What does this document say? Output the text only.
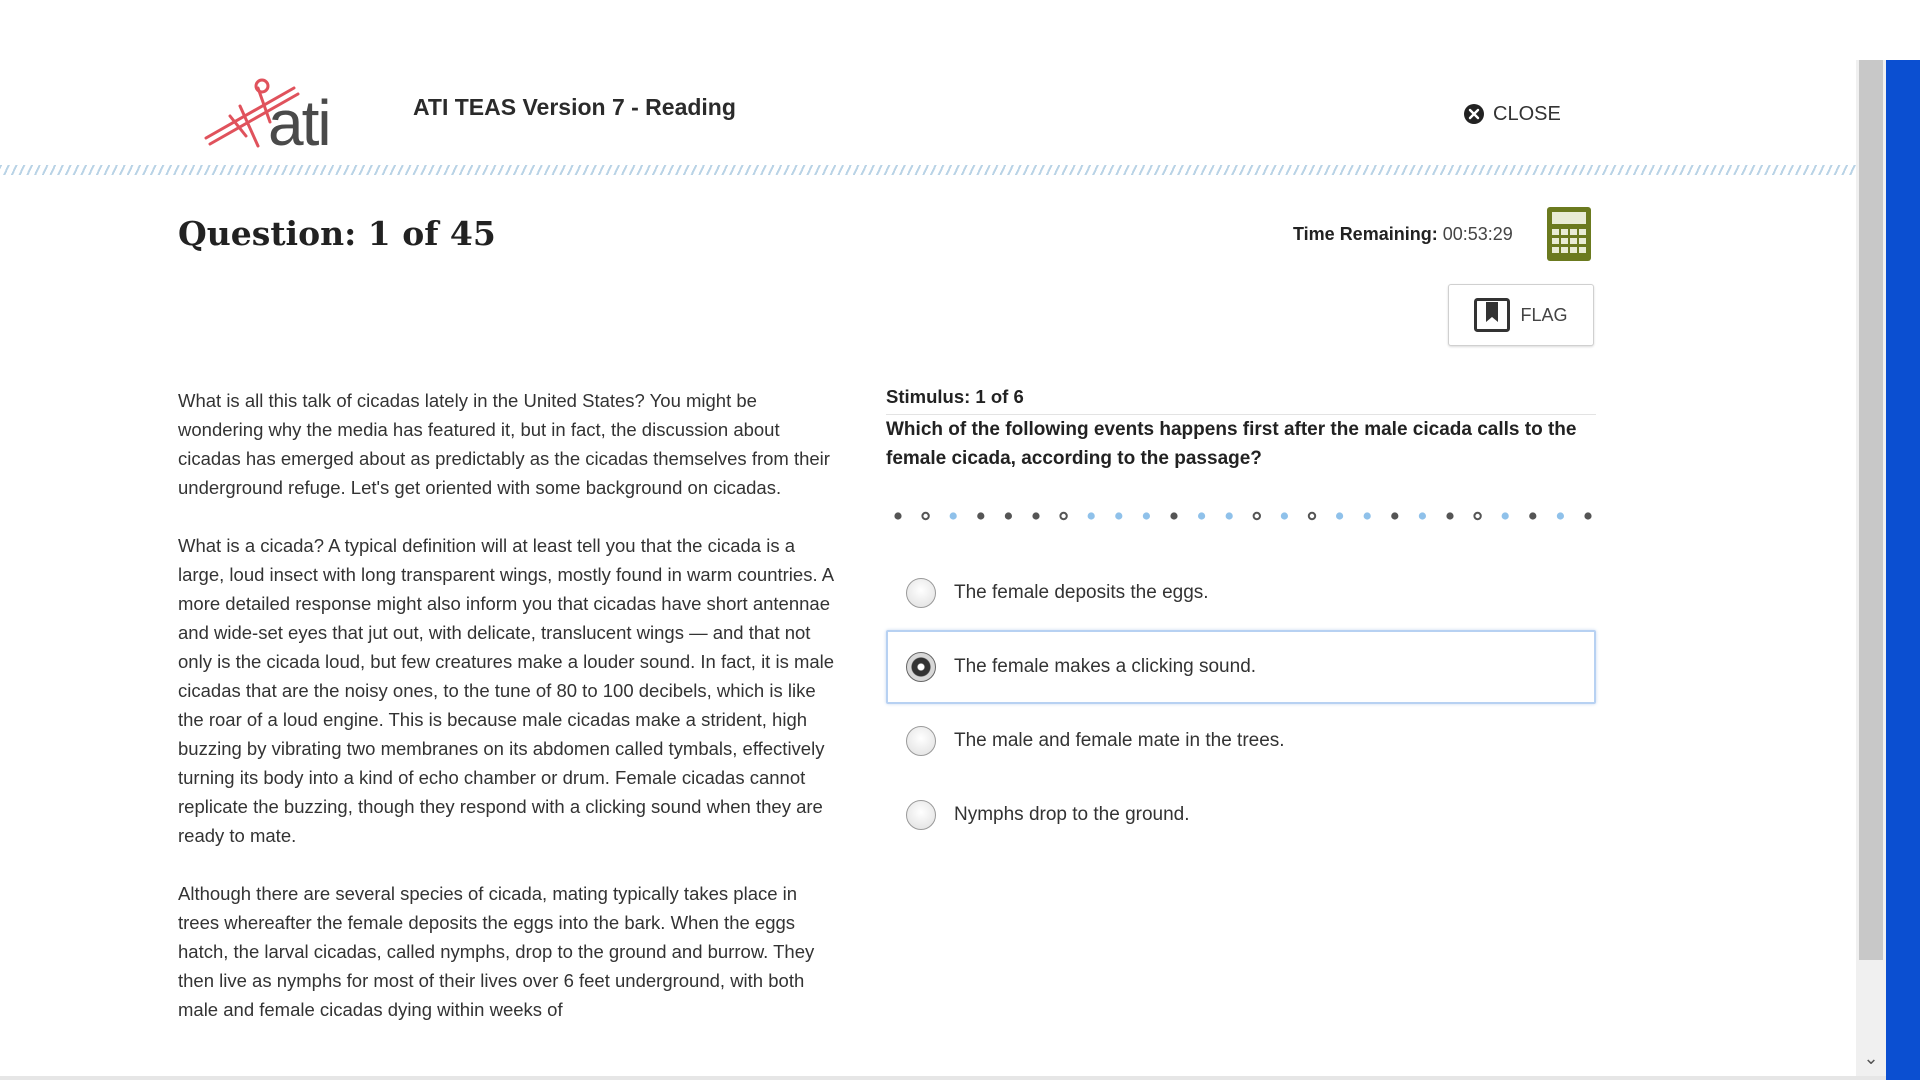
ati	ATI TEAS Version 7 - Reading	CLOSE
Question: 1 of 45	Time Remaining: 00:53:29
FLAG

What is all this talk of cicadas lately in the United States? You might be wondering why the media has featured it, but in fact, the discussion about cicadas has emerged about as predictably as the cicadas themselves from their underground refuge. Let's get oriented with some background on cicadas.

What is a cicada? A typical definition will at least tell you that the cicada is a large, loud insect with long transparent wings, mostly found in warm countries. A more detailed response might also inform you that cicadas have short antennae and wide-set eyes that jut out, with delicate, translucent wings — and that not only is the cicada loud, but few creatures make a louder sound. In fact, it is male cicadas that are the noisy ones, to the tune of 80 to 100 decibels, which is like the roar of a loud engine. This is because male cicadas make a strident, high buzzing by vibrating two membranes on its abdomen called tymbals, effectively turning its body into a kind of echo chamber or drum. Female cicadas cannot replicate the buzzing, though they respond with a clicking sound when they are ready to mate.

Although there are several species of cicada, mating typically takes place in trees whereafter the female deposits the eggs into the bark. When the eggs hatch, the larval cicadas, called nymphs, drop to the ground and burrow. They then live as nymphs for most of their lives over 6 feet underground, with both male and female cicadas dying within weeks of

Stimulus: 1 of 6
Which of the following events happens first after the male cicada calls to the female cicada, according to the passage?
The female deposits the eggs.
The female makes a clicking sound.
The male and female mate in the trees.
Nymphs drop to the ground.
⌄
